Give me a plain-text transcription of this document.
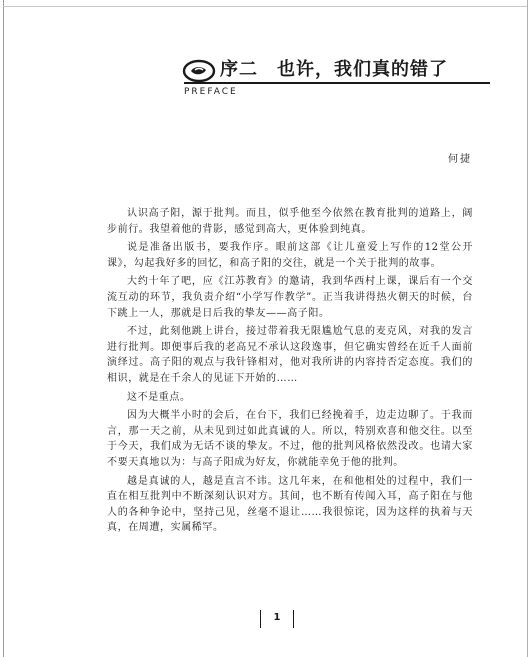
序二　也许，我们真的错了
PREFACE
何捷

认识高子阳，源于批判。而且，似乎他至今依然在教育批判的道路上，阔步前行。我望着他的背影，感觉到高大，更体验到纯真。

说是准备出版书，要我作序。眼前这部《让儿童爱上写作的12堂公开课》，勾起我好多的回忆，和高子阳的交往，就是一个关于批判的故事。

大约十年了吧，应《江苏教育》的邀请，我到华西村上课，课后有一个交流互动的环节，我负责介绍“小学写作教学”。正当我讲得热火朝天的时候，台下跳上一人，那就是日后我的挚友——高子阳。

不过，此刻他跳上讲台，接过带着我无限尴尬气息的麦克风，对我的发言进行批判。即便事后我的老高兄不承认这段逸事，但它确实曾经在近千人面前演绎过。高子阳的观点与我针锋相对，他对我所讲的内容持否定态度。我们的相识，就是在千余人的见证下开始的……

这不是重点。

因为大概半小时的会后，在台下，我们已经挽着手，边走边聊了。于我而言，那一天之前，从未见到过如此真诚的人。所以，特别欢喜和他交往。以至于今天，我们成为无话不谈的挚友。不过，他的批判风格依然没改。也请大家不要天真地以为：与高子阳成为好友，你就能幸免于他的批判。

越是真诚的人，越是直言不讳。这几年来，在和他相处的过程中，我们一直在相互批判中不断深刻认识对方。其间，也不断有传闻入耳，高子阳在与他人的各种争论中，坚持己见，丝毫不退让……我很惊诧，因为这样的执着与天真，在周遭，实属稀罕。

1
